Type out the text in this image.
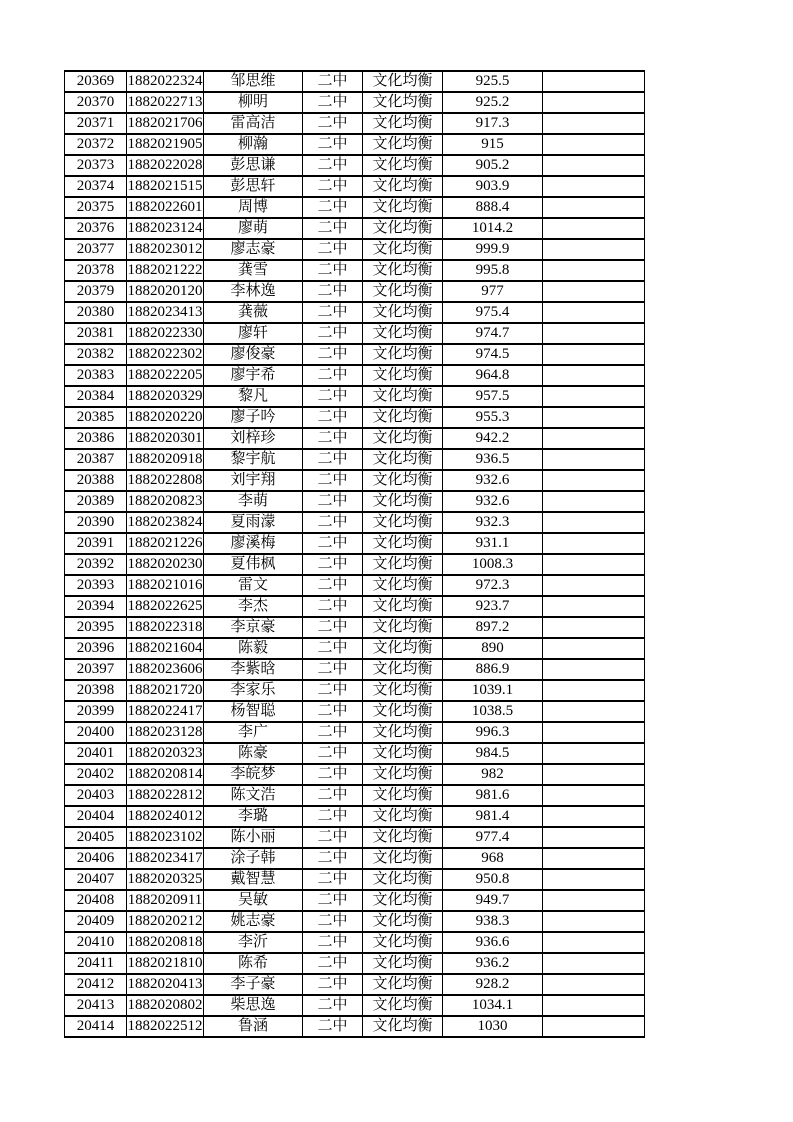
20369	1882022324	邹思维	二中	文化均衡	925.5	
20370	1882022713	柳明	二中	文化均衡	925.2	
20371	1882021706	雷高洁	二中	文化均衡	917.3	
20372	1882021905	柳瀚	二中	文化均衡	915	
20373	1882022028	彭思谦	二中	文化均衡	905.2	
20374	1882021515	彭思轩	二中	文化均衡	903.9	
20375	1882022601	周博	二中	文化均衡	888.4	
20376	1882023124	廖萌	二中	文化均衡	1014.2	
20377	1882023012	廖志豪	二中	文化均衡	999.9	
20378	1882021222	龚雪	二中	文化均衡	995.8	
20379	1882020120	李林逸	二中	文化均衡	977	
20380	1882023413	龚薇	二中	文化均衡	975.4	
20381	1882022330	廖轩	二中	文化均衡	974.7	
20382	1882022302	廖俊豪	二中	文化均衡	974.5	
20383	1882022205	廖宇希	二中	文化均衡	964.8	
20384	1882020329	黎凡	二中	文化均衡	957.5	
20385	1882020220	廖子吟	二中	文化均衡	955.3	
20386	1882020301	刘梓珍	二中	文化均衡	942.2	
20387	1882020918	黎宇航	二中	文化均衡	936.5	
20388	1882022808	刘宇翔	二中	文化均衡	932.6	
20389	1882020823	李萌	二中	文化均衡	932.6	
20390	1882023824	夏雨濛	二中	文化均衡	932.3	
20391	1882021226	廖溪梅	二中	文化均衡	931.1	
20392	1882020230	夏伟枫	二中	文化均衡	1008.3	
20393	1882021016	雷文	二中	文化均衡	972.3	
20394	1882022625	李杰	二中	文化均衡	923.7	
20395	1882022318	李京豪	二中	文化均衡	897.2	
20396	1882021604	陈毅	二中	文化均衡	890	
20397	1882023606	李紫晗	二中	文化均衡	886.9	
20398	1882021720	李家乐	二中	文化均衡	1039.1	
20399	1882022417	杨智聪	二中	文化均衡	1038.5	
20400	1882023128	李广	二中	文化均衡	996.3	
20401	1882020323	陈豪	二中	文化均衡	984.5	
20402	1882020814	李皖梦	二中	文化均衡	982	
20403	1882022812	陈文浩	二中	文化均衡	981.6	
20404	1882024012	李璐	二中	文化均衡	981.4	
20405	1882023102	陈小丽	二中	文化均衡	977.4	
20406	1882023417	涂子韩	二中	文化均衡	968	
20407	1882020325	戴智慧	二中	文化均衡	950.8	
20408	1882020911	吴敏	二中	文化均衡	949.7	
20409	1882020212	姚志豪	二中	文化均衡	938.3	
20410	1882020818	李沂	二中	文化均衡	936.6	
20411	1882021810	陈希	二中	文化均衡	936.2	
20412	1882020413	李子豪	二中	文化均衡	928.2	
20413	1882020802	柴思逸	二中	文化均衡	1034.1	
20414	1882022512	鲁涵	二中	文化均衡	1030	
